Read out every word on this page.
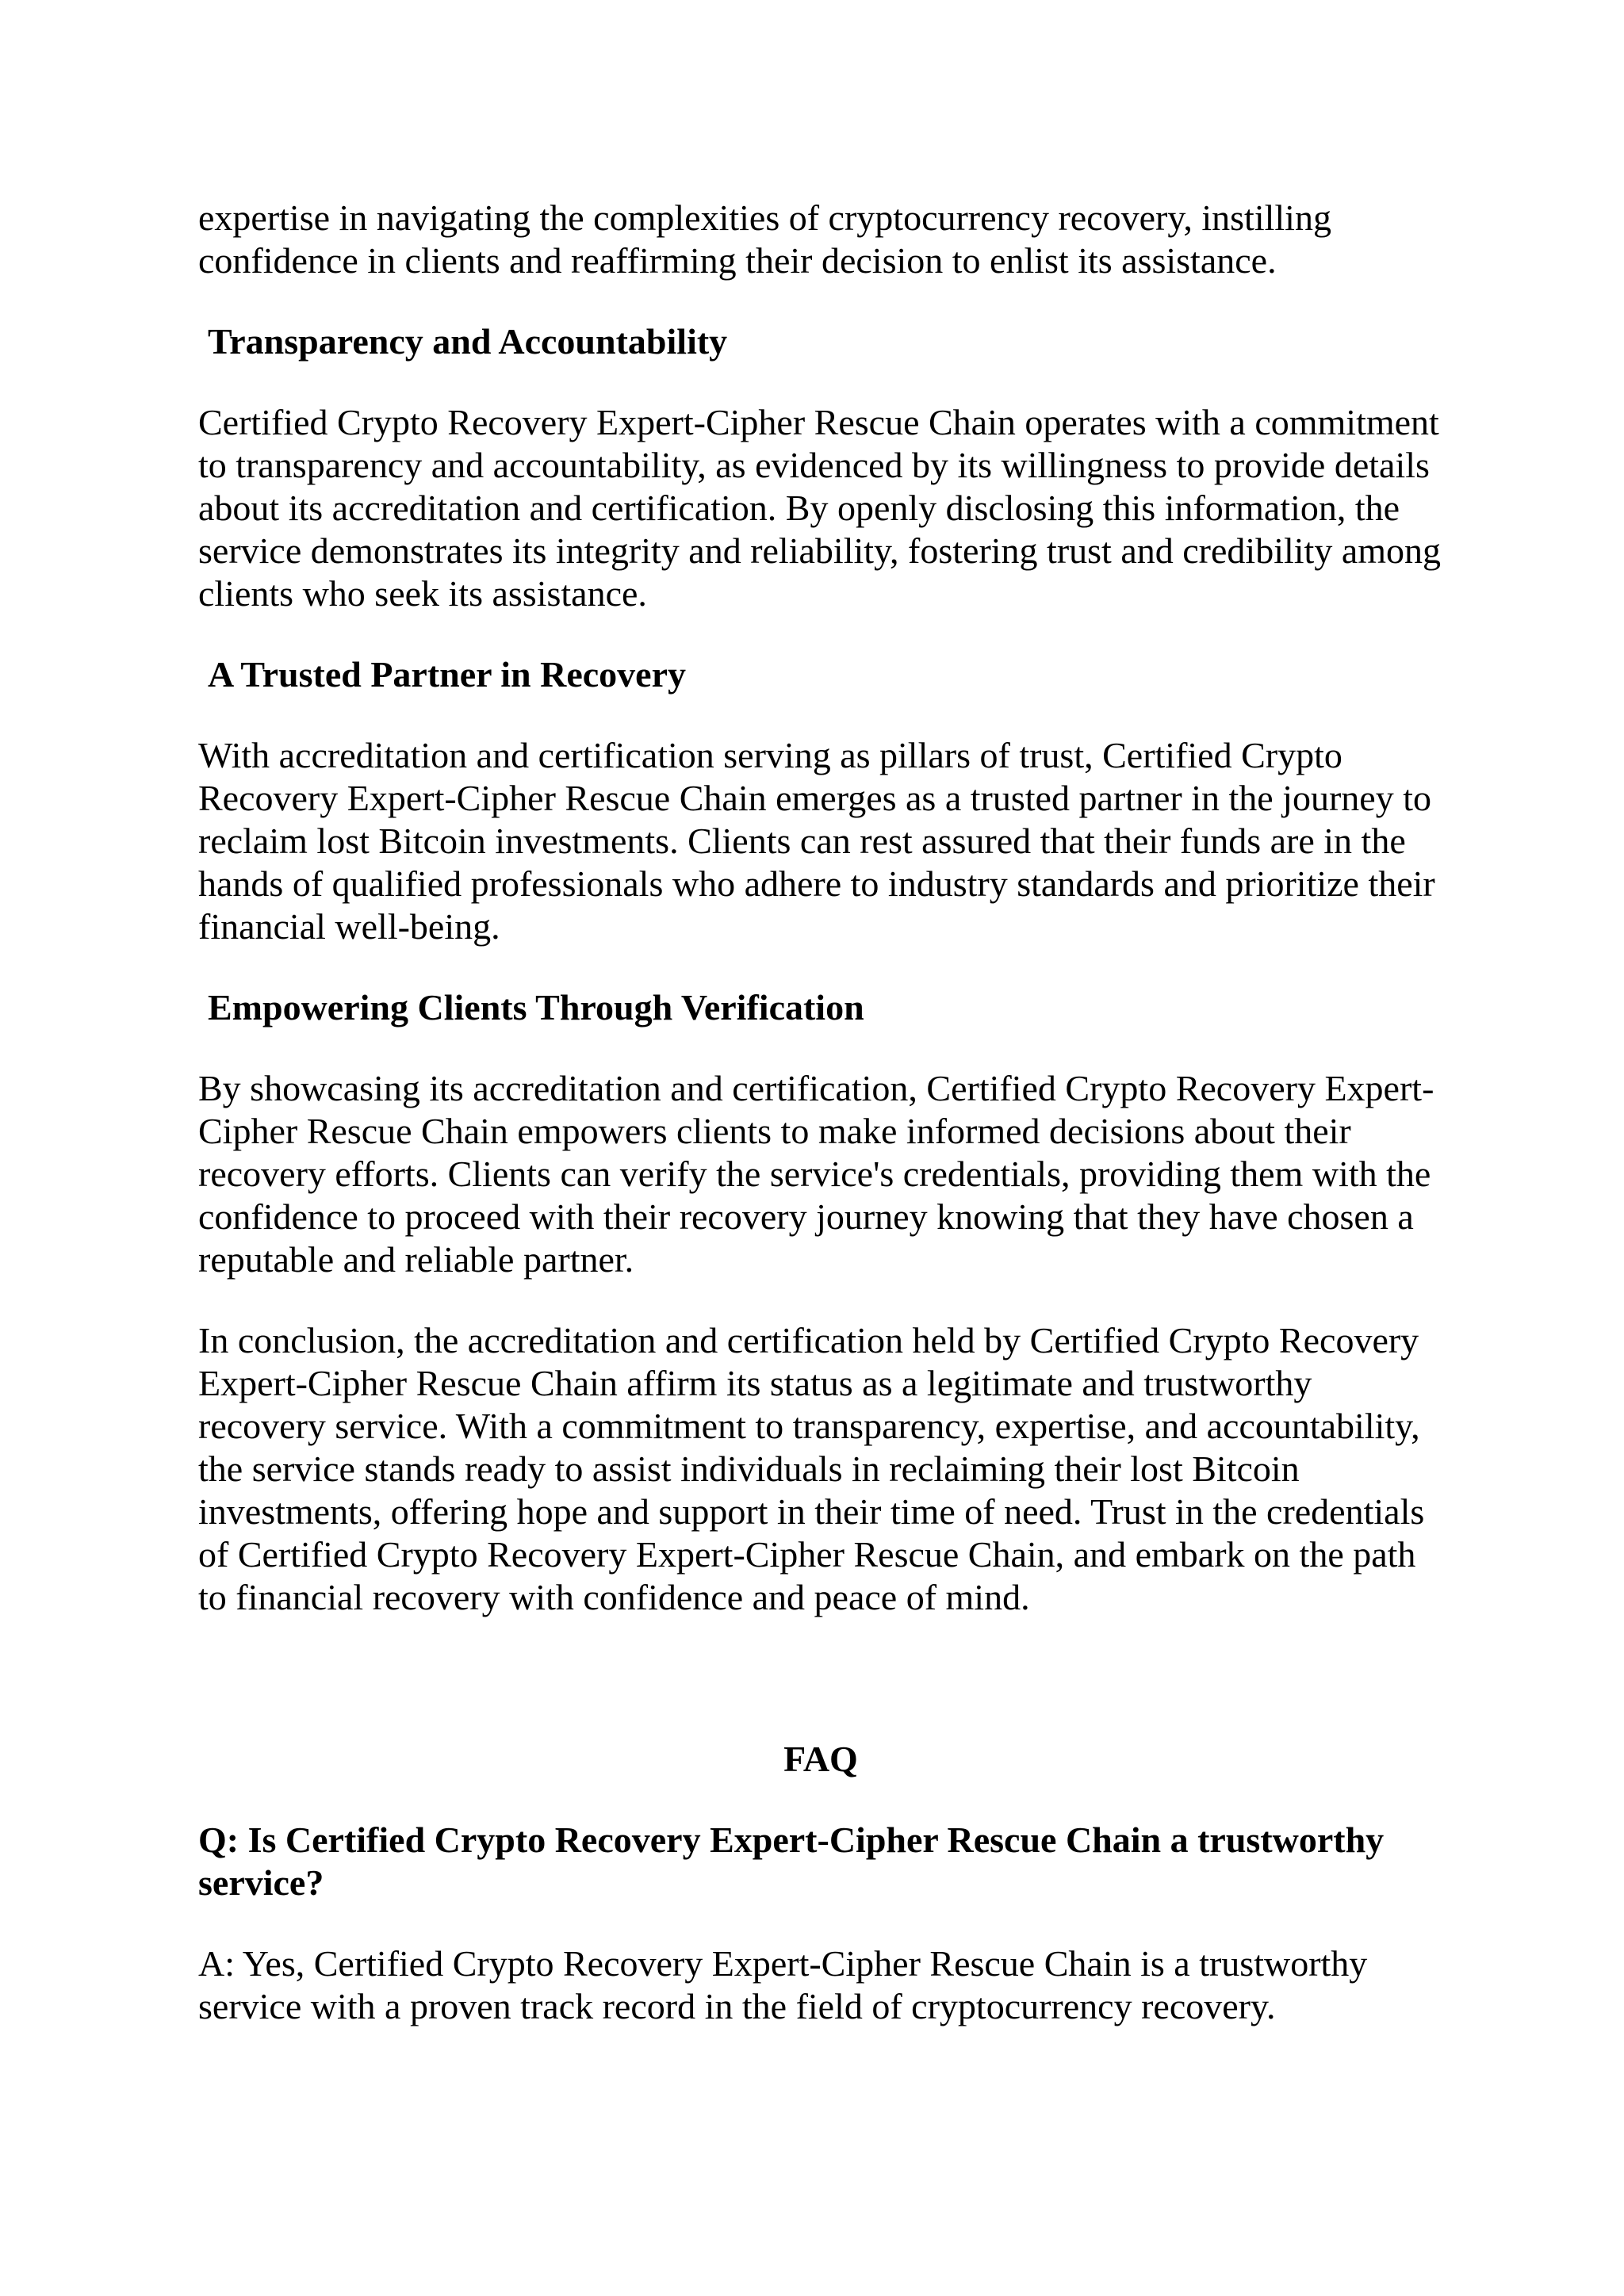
expertise in navigating the complexities of cryptocurrency recovery, instilling confidence in clients and reaffirming their decision to enlist its assistance.

Transparency and Accountability

Certified Crypto Recovery Expert-Cipher Rescue Chain operates with a commitment to transparency and accountability, as evidenced by its willingness to provide details about its accreditation and certification. By openly disclosing this information, the service demonstrates its integrity and reliability, fostering trust and credibility among clients who seek its assistance.

A Trusted Partner in Recovery

With accreditation and certification serving as pillars of trust, Certified Crypto Recovery Expert-Cipher Rescue Chain emerges as a trusted partner in the journey to reclaim lost Bitcoin investments. Clients can rest assured that their funds are in the hands of qualified professionals who adhere to industry standards and prioritize their financial well-being.

Empowering Clients Through Verification

By showcasing its accreditation and certification, Certified Crypto Recovery Expert-Cipher Rescue Chain empowers clients to make informed decisions about their recovery efforts. Clients can verify the service's credentials, providing them with the confidence to proceed with their recovery journey knowing that they have chosen a reputable and reliable partner.

In conclusion, the accreditation and certification held by Certified Crypto Recovery Expert-Cipher Rescue Chain affirm its status as a legitimate and trustworthy recovery service. With a commitment to transparency, expertise, and accountability, the service stands ready to assist individuals in reclaiming their lost Bitcoin investments, offering hope and support in their time of need. Trust in the credentials of Certified Crypto Recovery Expert-Cipher Rescue Chain, and embark on the path to financial recovery with confidence and peace of mind.

FAQ
Q: Is Certified Crypto Recovery Expert-Cipher Rescue Chain a trustworthy service?

A: Yes, Certified Crypto Recovery Expert-Cipher Rescue Chain is a trustworthy service with a proven track record in the field of cryptocurrency recovery.
